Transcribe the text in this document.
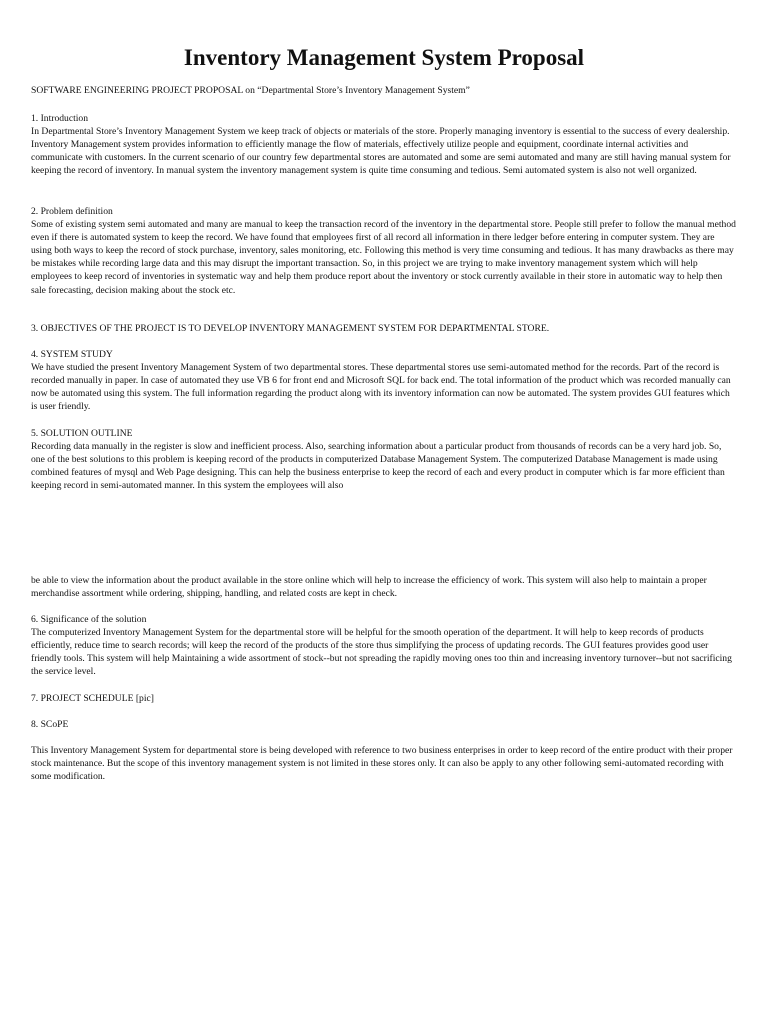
Inventory Management System Proposal

SOFTWARE ENGINEERING PROJECT PROPOSAL on “Departmental Store’s Inventory Management System”

1. Introduction

In Departmental Store’s Inventory Management System we keep track of objects or materials of the store. Properly managing inventory is essential to the success of every dealership. Inventory Management system provides information to efficiently manage the flow of materials, effectively utilize people and equipment, coordinate internal activities and communicate with customers. In the current scenario of our country few departmental stores are automated and some are semi automated and many are still having manual system for keeping the record of inventory. In manual system the inventory management system is quite time consuming and tedious. Semi automated system is also not well organized.

2. Problem definition

Some of existing system semi automated and many are manual to keep the transaction record of the inventory in the departmental store. People still prefer to follow the manual method even if there is automated system to keep the record. We have found that employees first of all record all information in there ledger before entering in computer system. They are using both ways to keep the record of stock purchase, inventory, sales monitoring, etc. Following this method is very time consuming and tedious. It has many drawbacks as there may be mistakes while recording large data and this may disrupt the important transaction. So, in this project we are trying to make inventory management system which will help employees to keep record of inventories in systematic way and help them produce report about the inventory or stock currently available in their store in automatic way to help then sale forecasting, decision making about the stock etc.

3. OBJECTIVES OF THE PROJECT IS TO DEVELOP INVENTORY MANAGEMENT SYSTEM FOR DEPARTMENTAL STORE.

4. SYSTEM STUDY

We have studied the present Inventory Management System of two departmental stores. These departmental stores use semi-automated method for the records. Part of the record is recorded manually in paper. In case of automated they use VB 6 for front end and Microsoft SQL for back end. The total information of the product which was recorded manually can now be automated using this system. The full information regarding the product along with its inventory information can now be automated. The system provides GUI features which is user friendly.

5. SOLUTION OUTLINE

Recording data manually in the register is slow and inefficient process. Also, searching information about a particular product from thousands of records can be a very hard job. So, one of the best solutions to this problem is keeping record of the products in computerized Database Management System. The computerized Database Management is made using combined features of mysql and Web Page designing. This can help the business enterprise to keep the record of each and every product in computer which is far more efficient than keeping record in semi-automated manner. In this system the employees will also

be able to view the information about the product available in the store online which will help to increase the efficiency of work. This system will also help to maintain a proper merchandise assortment while ordering, shipping, handling, and related costs are kept in check.

6. Significance of the solution

The computerized Inventory Management System for the departmental store will be helpful for the smooth operation of the department. It will help to keep records of products efficiently, reduce time to search records; will keep the record of the products of the store thus simplifying the process of updating records. The GUI features provides good user friendly tools. This system will help Maintaining a wide assortment of stock--but not spreading the rapidly moving ones too thin and increasing inventory turnover--but not sacrificing the service level.

7. PROJECT SCHEDULE [pic]

8. SCoPE

This Inventory Management System for departmental store is being developed with reference to two business enterprises in order to keep record of the entire product with their proper stock maintenance. But the scope of this inventory management system is not limited in these stores only. It can also be apply to any other following semi-automated recording with some modification.
